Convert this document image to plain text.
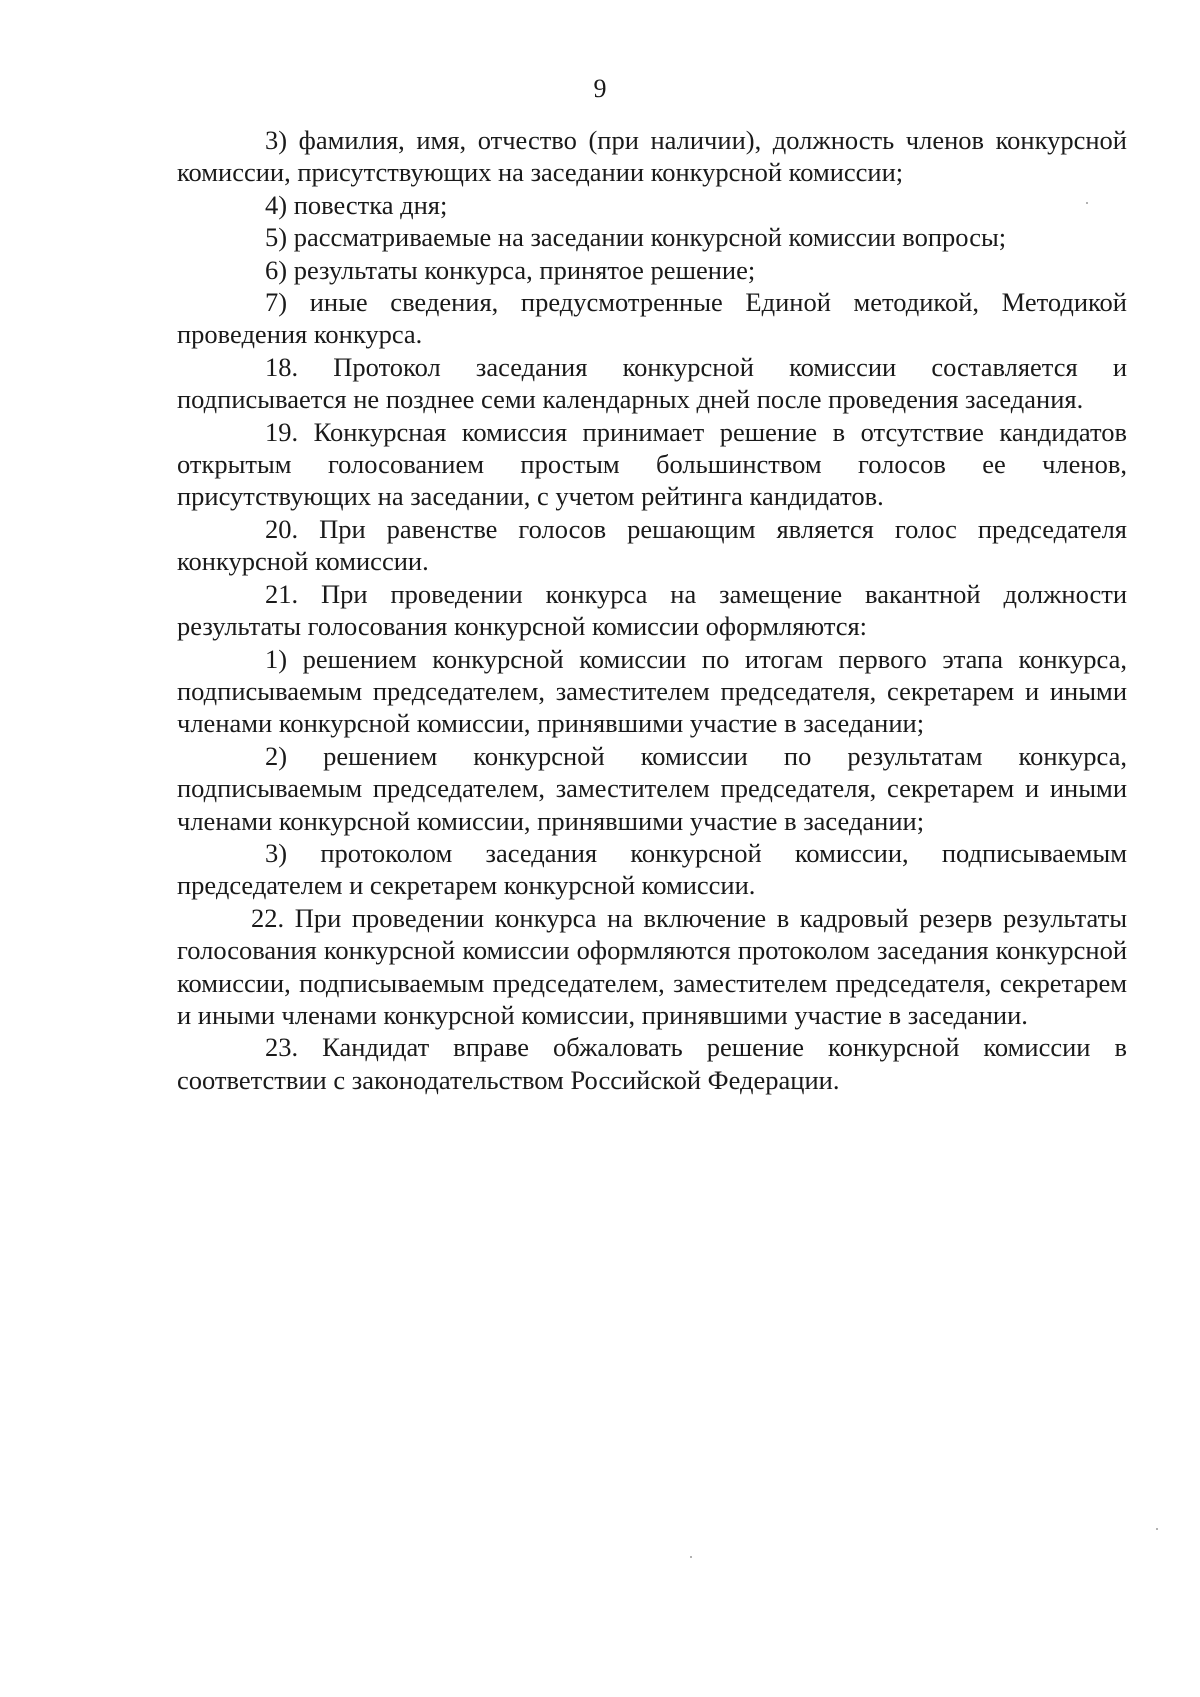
9

3) фамилия, имя, отчество (при наличии), должность членов конкурсной комиссии, присутствующих на заседании конкурсной комиссии;

4) повестка дня;

5) рассматриваемые на заседании конкурсной комиссии вопросы;

6) результаты конкурса, принятое решение;

7) иные сведения, предусмотренные Единой методикой, Методикой проведения конкурса.

18. Протокол заседания конкурсной комиссии составляется и подписывается не позднее семи календарных дней после проведения заседания.

19. Конкурсная комиссия принимает решение в отсутствие кандидатов открытым голосованием простым большинством голосов ее членов, присутствующих на заседании, с учетом рейтинга кандидатов.

20. При равенстве голосов решающим является голос председателя конкурсной комиссии.

21. При проведении конкурса на замещение вакантной должности результаты голосования конкурсной комиссии оформляются:

1) решением конкурсной комиссии по итогам первого этапа конкурса, подписываемым председателем, заместителем председателя, секретарем и иными членами конкурсной комиссии, принявшими участие в заседании;

2) решением конкурсной комиссии по результатам конкурса, подписываемым председателем, заместителем председателя, секретарем и иными членами конкурсной комиссии, принявшими участие в заседании;

3) протоколом заседания конкурсной комиссии, подписываемым председателем и секретарем конкурсной комиссии.

22. При проведении конкурса на включение в кадровый резерв результаты голосования конкурсной комиссии оформляются протоколом заседания конкурсной комиссии, подписываемым председателем, заместителем председателя, секретарем и иными членами конкурсной комиссии, принявшими участие в заседании.

23. Кандидат вправе обжаловать решение конкурсной комиссии в соответствии с законодательством Российской Федерации.
